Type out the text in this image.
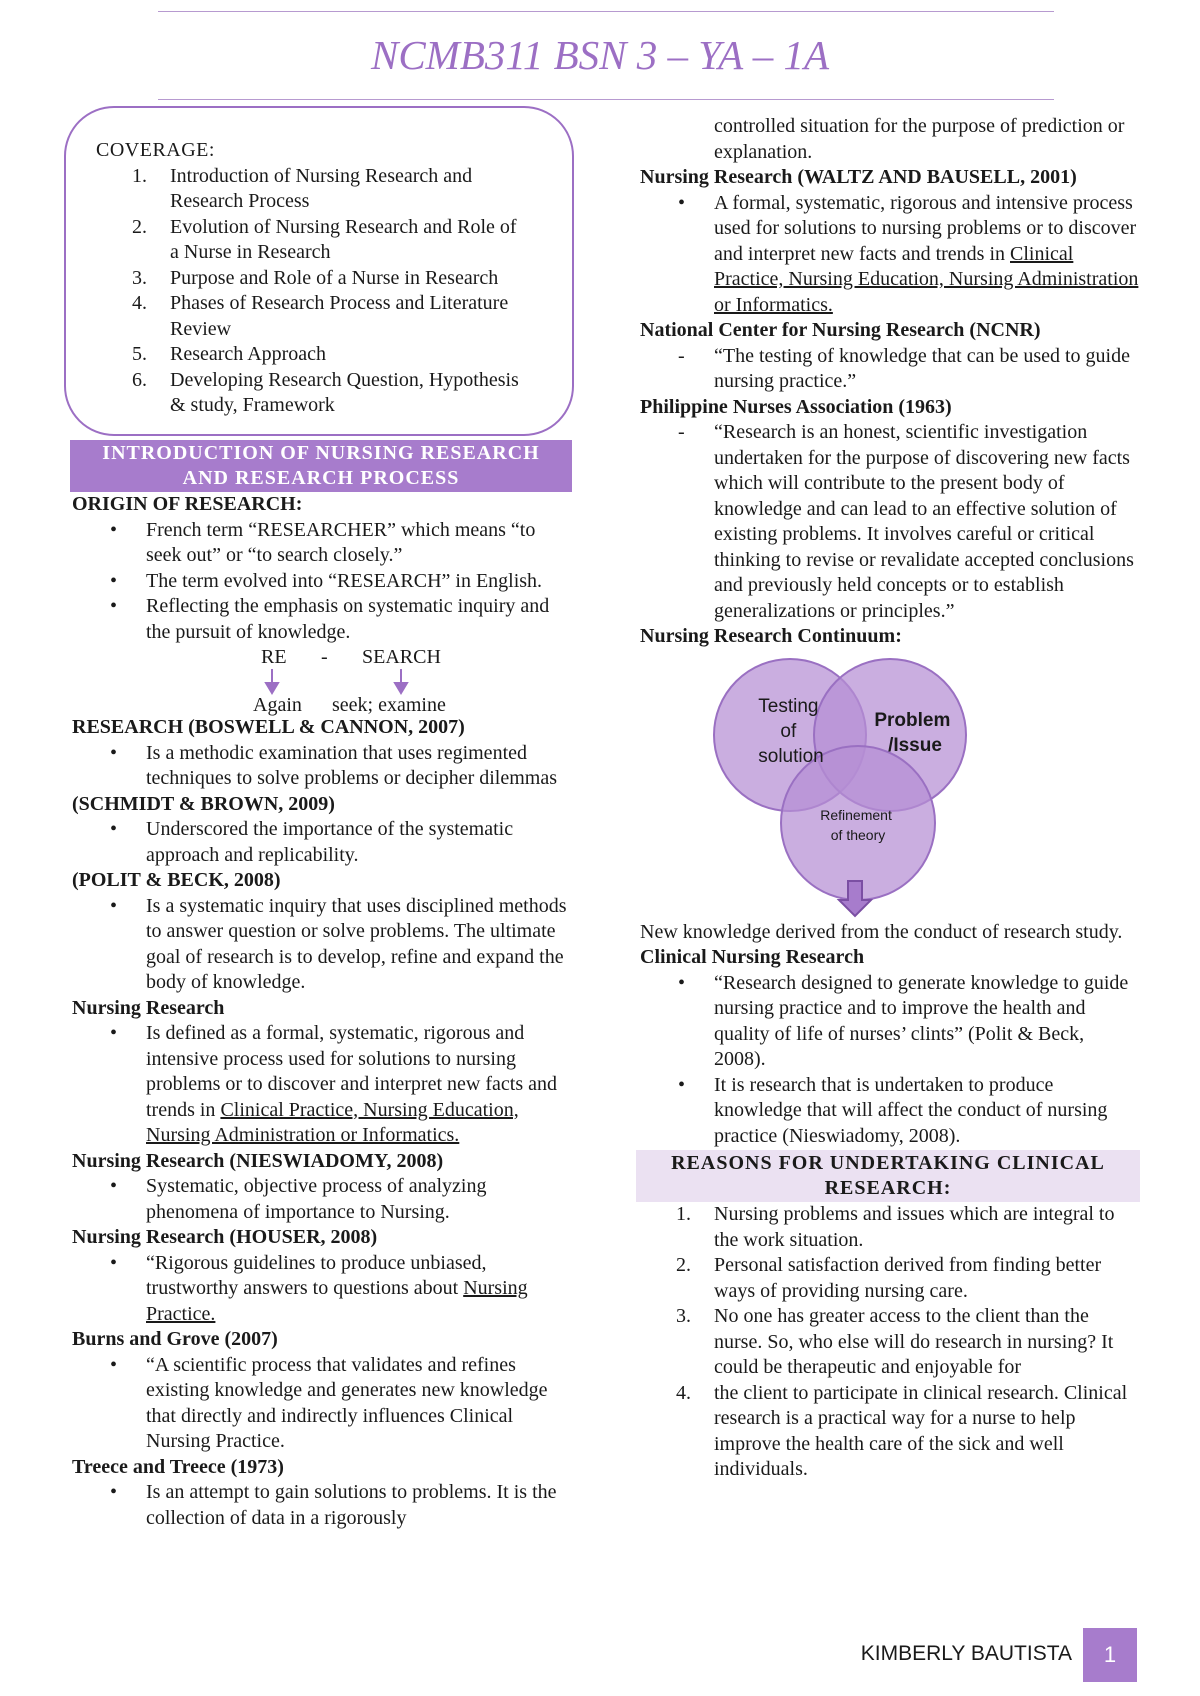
NCMB311 BSN 3 – YA – 1A
COVERAGE:
1. Introduction of Nursing Research and
Research Process
2. Evolution of Nursing Research and Role of
a Nurse in Research
3. Purpose and Role of a Nurse in Research
4. Phases of Research Process and Literature
Review
5. Research Approach
6. Developing Research Question, Hypothesis
& study, Framework
INTRODUCTION OF NURSING RESEARCH
AND RESEARCH PROCESS
ORIGIN OF RESEARCH:
• French term “RESEARCHER” which means “to seek out” or “to search closely.”
• The term evolved into “RESEARCH” in English.
• Reflecting the emphasis on systematic inquiry and the pursuit of knowledge.
RE - SEARCH
Again seek; examine
RESEARCH (BOSWELL & CANNON, 2007)
• Is a methodic examination that uses regimented techniques to solve problems or decipher dilemmas
(SCHMIDT & BROWN, 2009)
• Underscored the importance of the systematic approach and replicability.
(POLIT & BECK, 2008)
• Is a systematic inquiry that uses disciplined methods to answer question or solve problems. The ultimate goal of research is to develop, refine and expand the body of knowledge.
Nursing Research
• Is defined as a formal, systematic, rigorous and intensive process used for solutions to nursing problems or to discover and interpret new facts and trends in Clinical Practice, Nursing Education, Nursing Administration or Informatics.
Nursing Research (NIESWIADOMY, 2008)
• Systematic, objective process of analyzing phenomena of importance to Nursing.
Nursing Research (HOUSER, 2008)
• “Rigorous guidelines to produce unbiased, trustworthy answers to questions about Nursing Practice.
Burns and Grove (2007)
• “A scientific process that validates and refines existing knowledge and generates new knowledge that directly and indirectly influences Clinical Nursing Practice.
Treece and Treece (1973)
• Is an attempt to gain solutions to problems. It is the collection of data in a rigorously
controlled situation for the purpose of prediction or explanation.
Nursing Research (WALTZ AND BAUSELL, 2001)
• A formal, systematic, rigorous and intensive process used for solutions to nursing problems or to discover and interpret new facts and trends in Clinical Practice, Nursing Education, Nursing Administration or Informatics.
National Center for Nursing Research (NCNR)
- “The testing of knowledge that can be used to guide nursing practice.”
Philippine Nurses Association (1963)
- “Research is an honest, scientific investigation undertaken for the purpose of discovering new facts which will contribute to the present body of knowledge and can lead to an effective solution of existing problems. It involves careful or critical thinking to revise or revalidate accepted conclusions and previously held concepts or to establish generalizations or principles.”
Nursing Research Continuum:
Testing of solution
Problem /Issue
Refinement of theory
New knowledge derived from the conduct of research study.
Clinical Nursing Research
• “Research designed to generate knowledge to guide nursing practice and to improve the health and quality of life of nurses’ clints” (Polit & Beck, 2008).
• It is research that is undertaken to produce knowledge that will affect the conduct of nursing practice (Nieswiadomy, 2008).
REASONS FOR UNDERTAKING CLINICAL
RESEARCH:
1. Nursing problems and issues which are integral to the work situation.
2. Personal satisfaction derived from finding better ways of providing nursing care.
3. No one has greater access to the client than the nurse. So, who else will do research in nursing? It could be therapeutic and enjoyable for
4. the client to participate in clinical research. Clinical research is a practical way for a nurse to help improve the health care of the sick and well individuals.
KIMBERLY BAUTISTA	1
